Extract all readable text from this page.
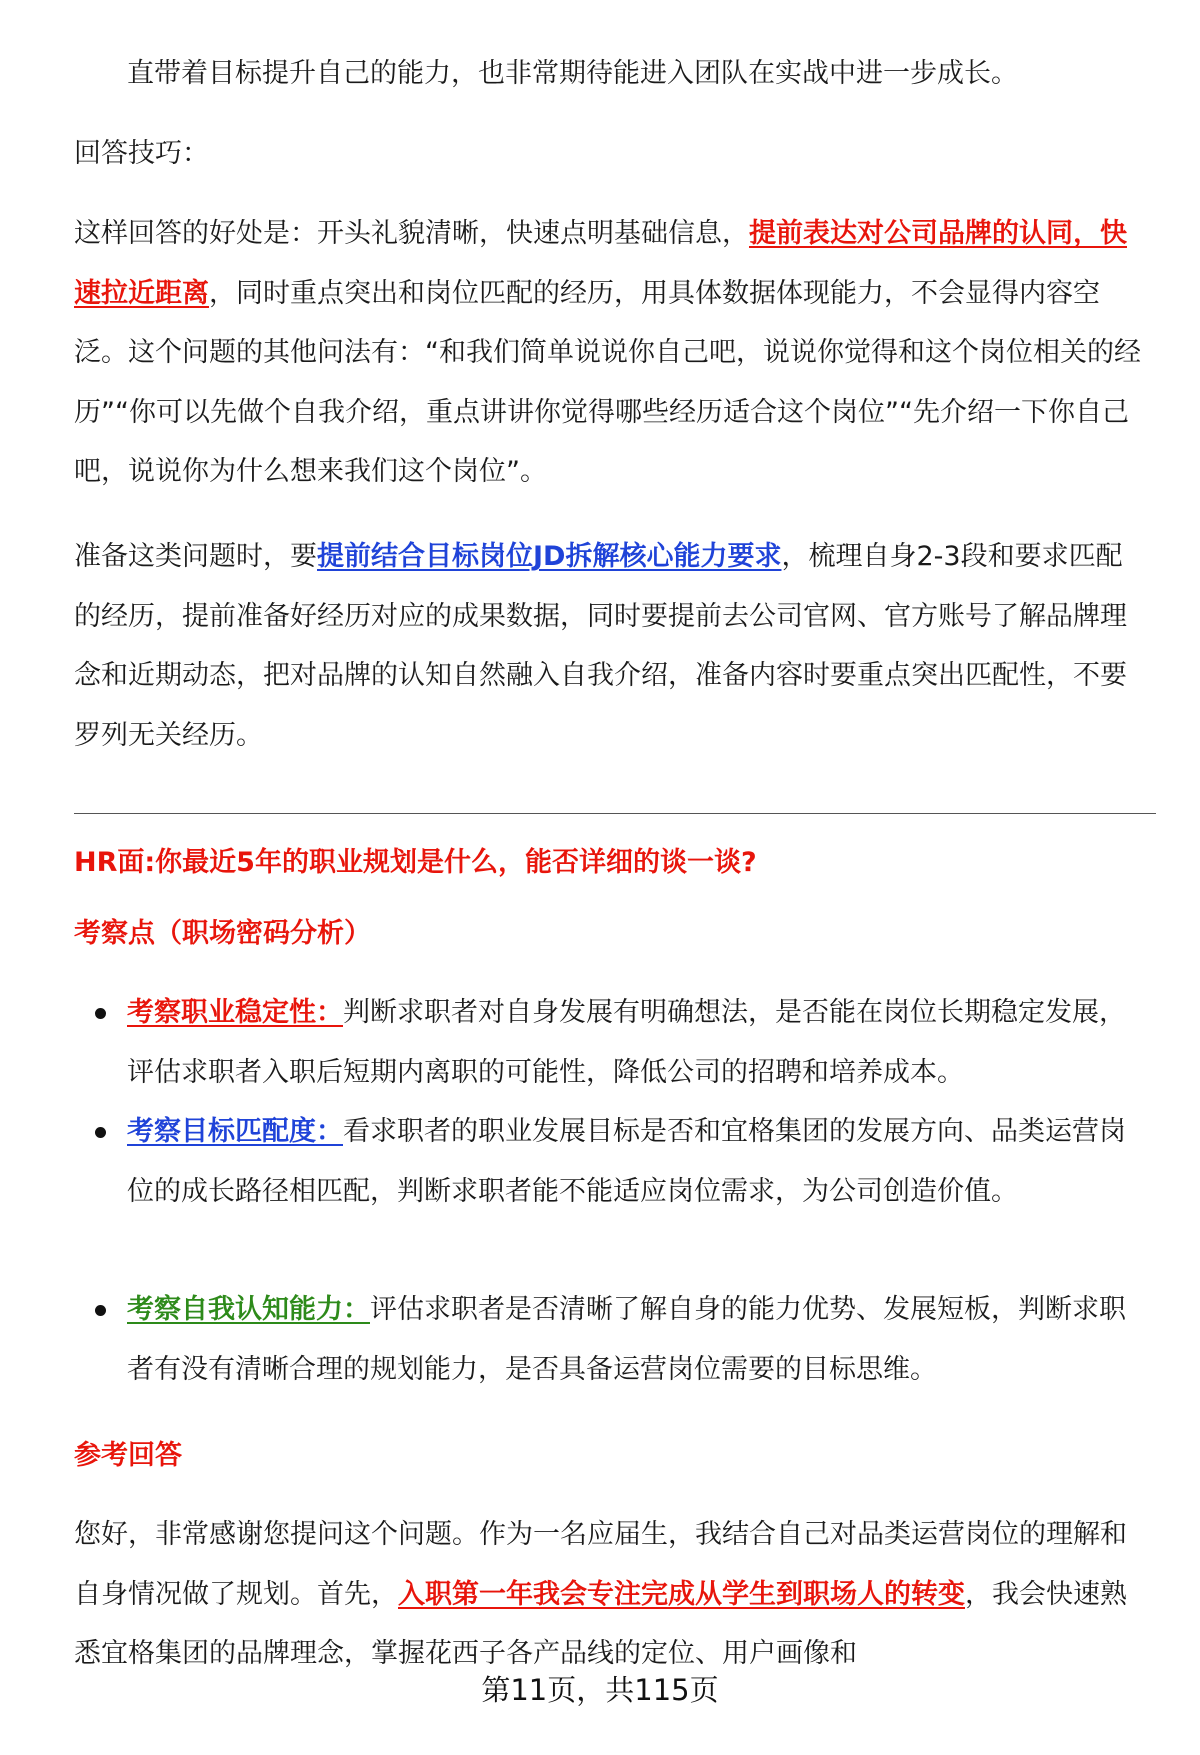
直带着目标提升自己的能力，也非常期待能进入团队在实战中进一步成长。

回答技巧：

这样回答的好处是：开头礼貌清晰，快速点明基础信息，提前表达对公司品牌的认同，快速拉近距离，同时重点突出和岗位匹配的经历，用具体数据体现能力，不会显得内容空泛。这个问题的其他问法有：“和我们简单说说你自己吧，说说你觉得和这个岗位相关的经历”“你可以先做个自我介绍，重点讲讲你觉得哪些经历适合这个岗位”“先介绍一下你自己吧，说说你为什么想来我们这个岗位”。

准备这类问题时，要提前结合目标岗位JD拆解核心能力要求，梳理自身2-3段和要求匹配的经历，提前准备好经历对应的成果数据，同时要提前去公司官网、官方账号了解品牌理念和近期动态，把对品牌的认知自然融入自我介绍，准备内容时要重点突出匹配性，不要罗列无关经历。

HR面:你最近5年的职业规划是什么，能否详细的谈一谈?
考察点（职场密码分析）

考察职业稳定性：判断求职者对自身发展有明确想法，是否能在岗位长期稳定发展，评估求职者入职后短期内离职的可能性，降低公司的招聘和培养成本。

考察目标匹配度：看求职者的职业发展目标是否和宜格集团的发展方向、品类运营岗位的成长路径相匹配，判断求职者能不能适应岗位需求，为公司创造价值。

考察自我认知能力：评估求职者是否清晰了解自身的能力优势、发展短板，判断求职者有没有清晰合理的规划能力，是否具备运营岗位需要的目标思维。

参考回答

您好，非常感谢您提问这个问题。作为一名应届生，我结合自己对品类运营岗位的理解和自身情况做了规划。首先，入职第一年我会专注完成从学生到职场人的转变，我会快速熟悉宜格集团的品牌理念，掌握花西子各产品线的定位、用户画像和

第11页，共115页
